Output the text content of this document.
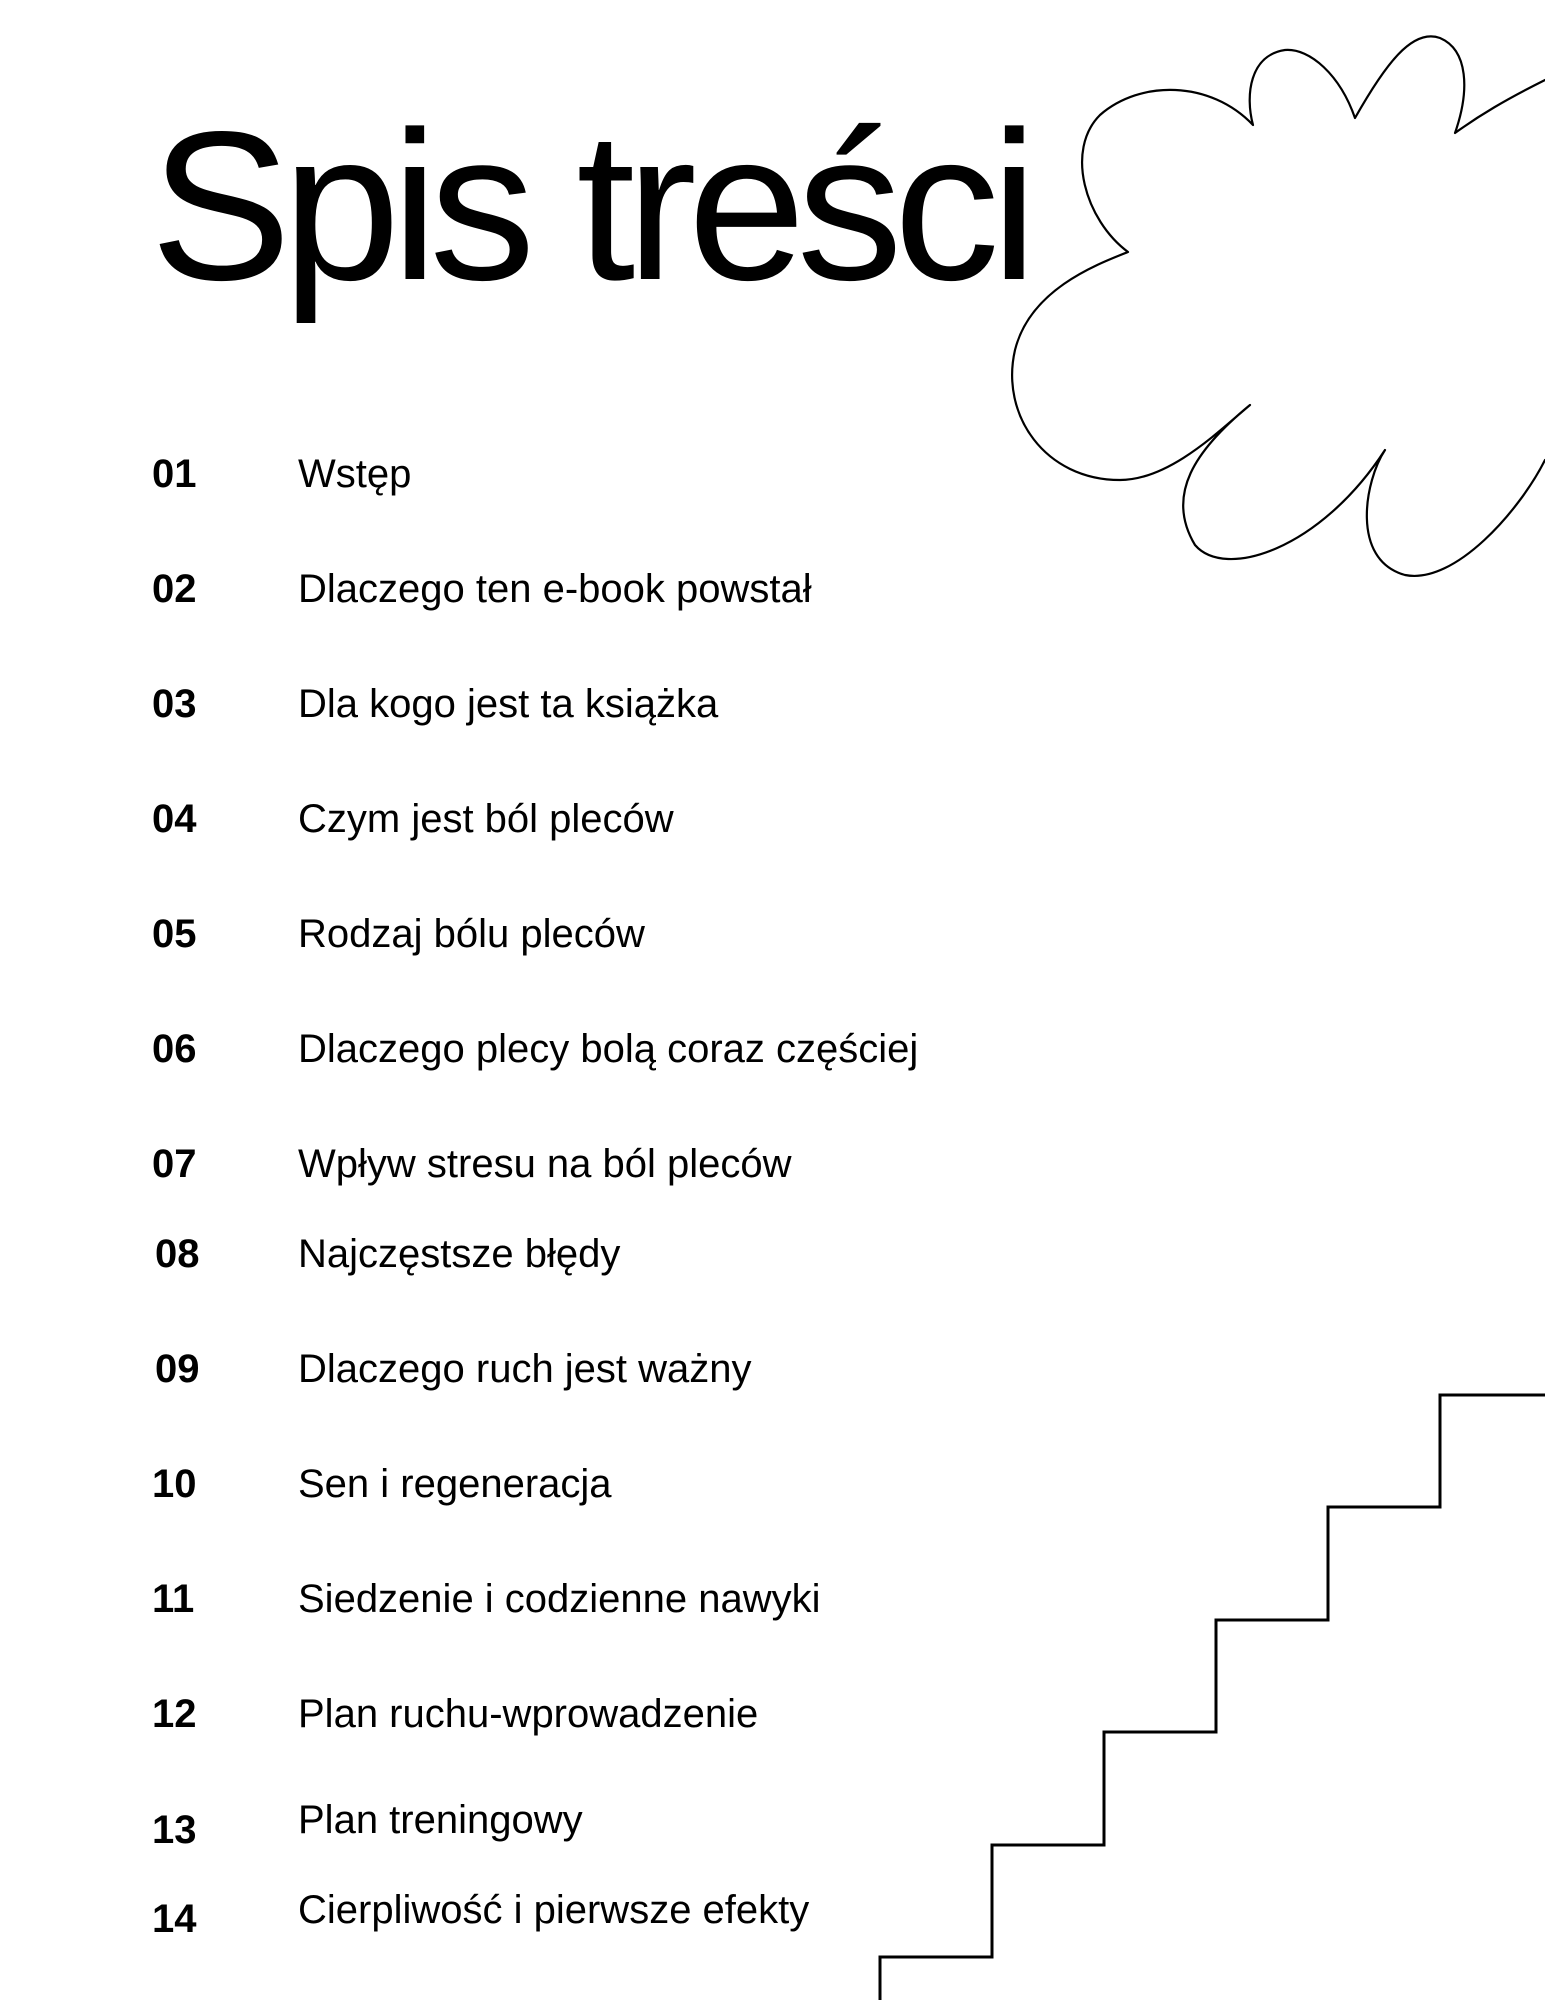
Spis treści
01	Wstęp
02	Dlaczego ten e-book powstał
03	Dla kogo jest ta książka
04	Czym jest ból pleców
05	Rodzaj bólu pleców
06	Dlaczego plecy bolą coraz częściej
07	Wpływ stresu na ból pleców
08 Najczęstsze błędy
09 Dlaczego ruch jest ważny
10	Sen i regeneracja
11	Siedzenie i codzienne nawyki
12	Plan ruchu-wprowadzenie
13	Plan treningowy
14	Cierpliwość i pierwsze efekty
